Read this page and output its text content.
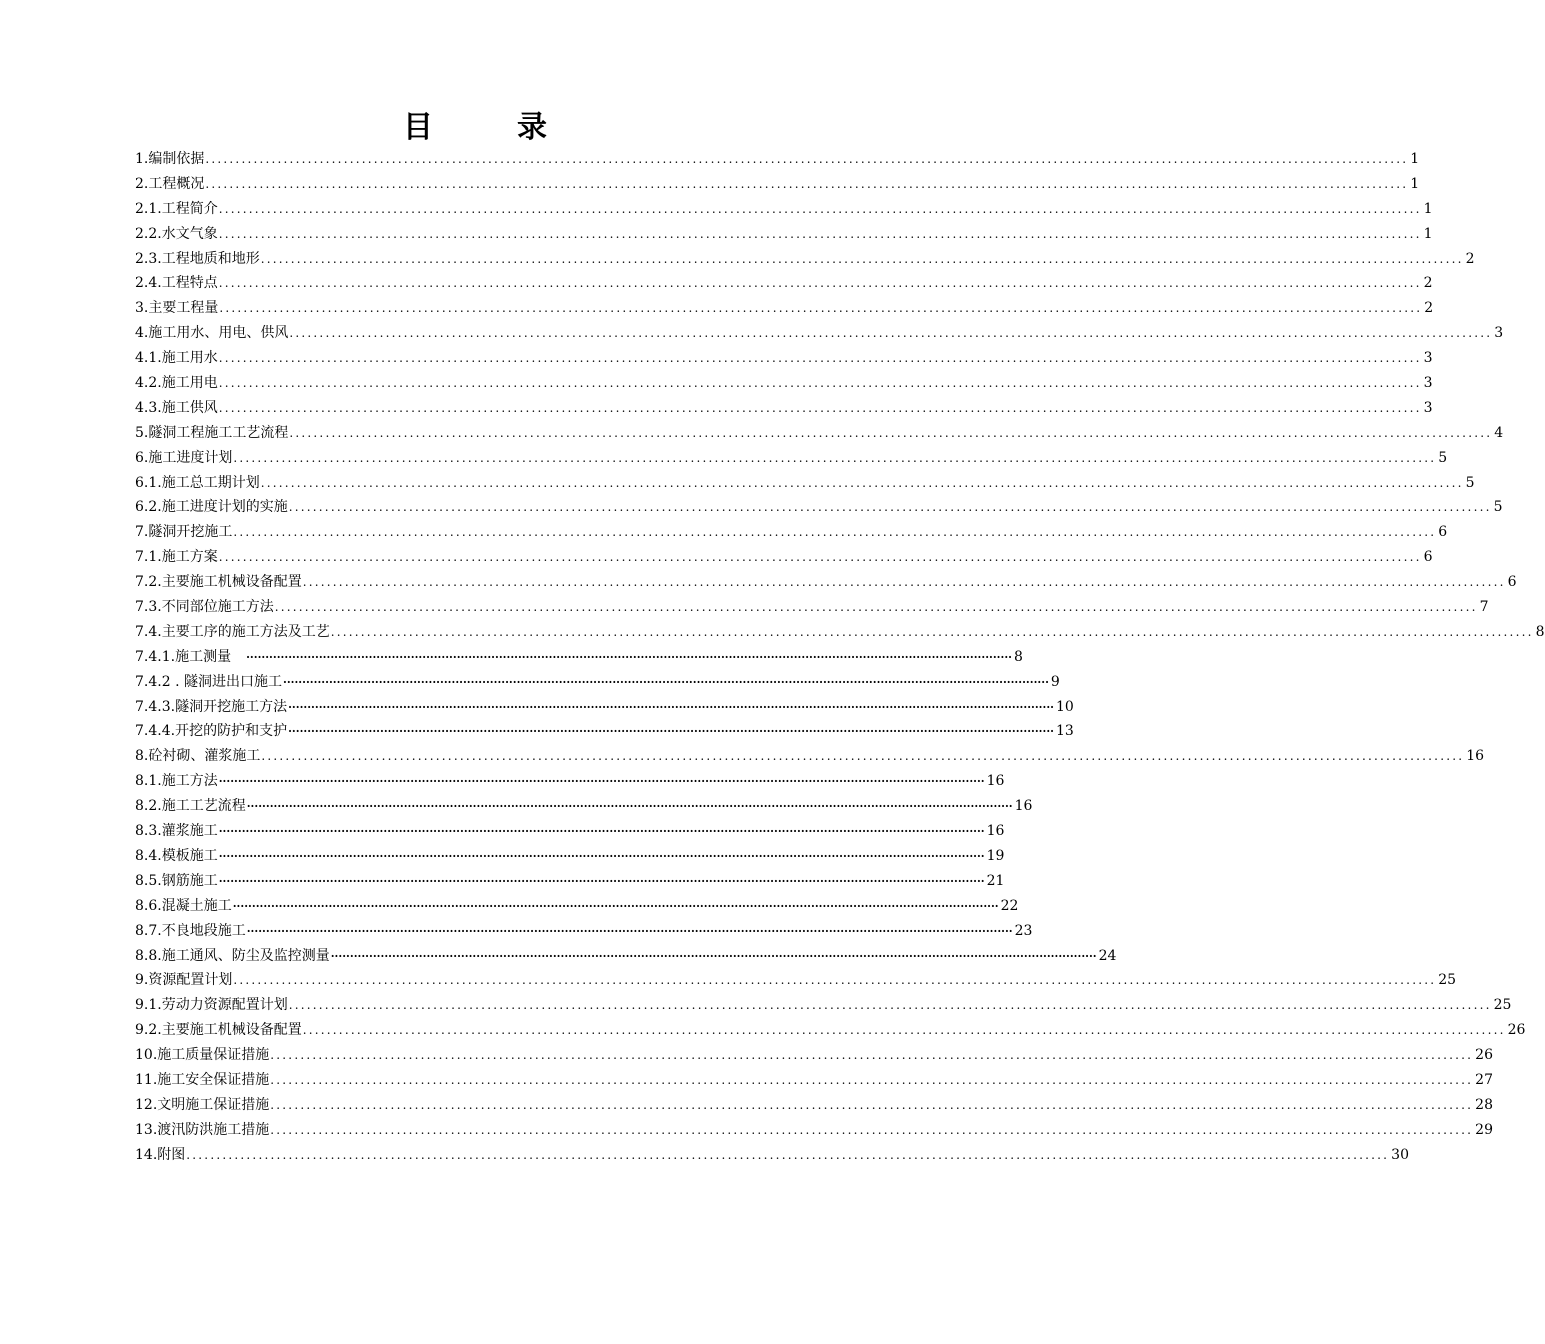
目	录
1.编制依据 ........................................................................................................................................................................................................ 1
2.工程概况 ........................................................................................................................................................................................................ 1
2.1.工程简介 ........................................................................................................................................................................................................ 1
2.2.水文气象 ........................................................................................................................................................................................................ 1
2.3.工程地质和地形 ........................................................................................................................................................................................................ 2
2.4.工程特点 ........................................................................................................................................................................................................ 2
3.主要工程量 ........................................................................................................................................................................................................ 2
4.施工用水、用电、供风 ........................................................................................................................................................................................................ 3
4.1.施工用水 ........................................................................................................................................................................................................ 3
4.2.施工用电 ........................................................................................................................................................................................................ 3
4.3.施工供风 ........................................................................................................................................................................................................ 3
5.隧洞工程施工工艺流程 ........................................................................................................................................................................................................ 4
6.施工进度计划 ........................................................................................................................................................................................................ 5
6.1.施工总工期计划 ........................................................................................................................................................................................................ 5
6.2.施工进度计划的实施 ........................................................................................................................................................................................................ 5
7.隧洞开挖施工 ........................................................................................................................................................................................................ 6
7.1.施工方案 ........................................................................................................................................................................................................ 6
7.2.主要施工机械设备配置 ........................................................................................................................................................................................................ 6
7.3.不同部位施工方法 ........................................................................................................................................................................................................ 7
7.4.主要工序的施工方法及工艺 ........................................................................................................................................................................................................ 8
7.4.1.施工测量　 ········································································································································································································ 8
7.4.2 . 隧洞进出口施工 ········································································································································································································ 9
7.4.3.隧洞开挖施工方法 ········································································································································································································ 10
7.4.4.开挖的防护和支护 ········································································································································································································ 13
8.砼衬砌、灌浆施工 ........................................................................................................................................................................................................ 16
8.1.施工方法 ········································································································································································································ 16
8.2.施工工艺流程 ········································································································································································································ 16
8.3.灌浆施工 ········································································································································································································ 16
8.4.模板施工 ········································································································································································································ 19
8.5.钢筋施工 ········································································································································································································ 21
8.6.混凝土施工 ········································································································································································································ 22
8.7.不良地段施工 ········································································································································································································ 23
8.8.施工通风、防尘及监控测量 ········································································································································································································ 24
9.资源配置计划 ........................................................................................................................................................................................................ 25
9.1.劳动力资源配置计划 ........................................................................................................................................................................................................ 25
9.2.主要施工机械设备配置 ........................................................................................................................................................................................................ 26
10.施工质量保证措施 ........................................................................................................................................................................................................ 26
11.施工安全保证措施 ........................................................................................................................................................................................................ 27
12.文明施工保证措施 ........................................................................................................................................................................................................ 28
13.渡汛防洪施工措施 ........................................................................................................................................................................................................ 29
14.附图 ........................................................................................................................................................................................................ 30
